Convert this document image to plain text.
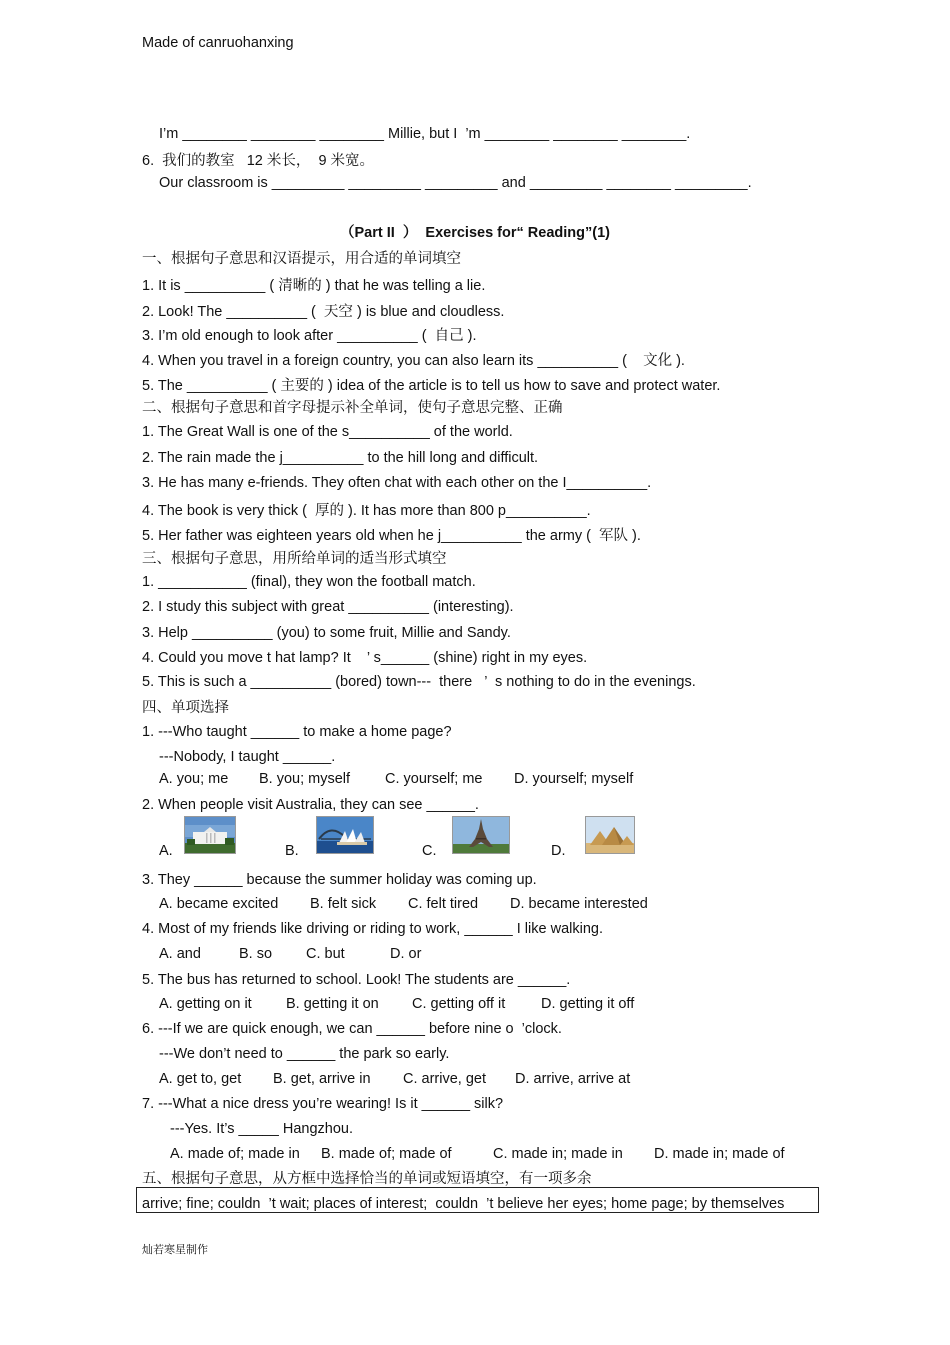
Made of canruohanxing
I’m ________ ________ ________ Millie, but I  ’m ________ ________ ________.
6.  我们的教室   12 米长，  9 米宽。
Our classroom is _________ _________ _________ and _________ ________ _________.
（Part II  ）  Exercises for“ Reading”(1)
一、根据句子意思和汉语提示，用合适的单词填空
1. It is __________ ( 清晰的 ) that he was telling a lie.
2. Look! The __________ (  天空 ) is blue and cloudless.
3. I’m old enough to look after __________ (  自己 ).
4. When you travel in a foreign country, you can also learn its __________ (    文化 ).
5. The __________ ( 主要的 ) idea of the article is to tell us how to save and protect water.
二、根据句子意思和首字母提示补全单词，使句子意思完整、正确
1. The Great Wall is one of the s__________ of the world.
2. The rain made the j__________ to the hill long and difficult.
3. He has many e-friends. They often chat with each other on the I__________.
4. The book is very thick (  厚的 ). It has more than 800 p__________.
5. Her father was eighteen years old when he j__________ the army (  军队 ).
三、根据句子意思，用所给单词的适当形式填空
1. ___________ (final), they won the football match.
2. I study this subject with great __________ (interesting).
3. Help __________ (you) to some fruit, Millie and Sandy.
4. Could you move t hat lamp? It    ’ s______ (shine) right in my eyes.
5. This is such a __________ (bored) town---  there   ’  s nothing to do in the evenings.
四、单项选择
1. ---Who taught ______ to make a home page?
---Nobody, I taught ______.
A. you; me B. you; myself C. yourself; me D. yourself; myself
2. When people visit Australia, they can see ______.
A.	B.	C.	D.
3. They ______ because the summer holiday was coming up.
A. became excited B. felt sick C. felt tired D. became interested
4. Most of my friends like driving or riding to work, ______ I like walking.
A. and	B. so C. but	D. or
5. The bus has returned to school. Look! The students are ______.
A. getting on it B. getting it on C. getting off it D. getting it off
6. ---If we are quick enough, we can ______ before nine o  ’clock.
---We don’t need to ______ the park so early.
A. get to, get B. get, arrive in C. arrive, get D. arrive, arrive at
7. ---What a nice dress you’re wearing! Is it ______ silk?
---Yes. It’s _____ Hangzhou.
A. made of; made in B. made of; made of	C. made in; made in D. made in; made of
五、根据句子意思，从方框中选择恰当的单词或短语填空，有一项多余
arrive; fine; couldn  ’t wait; places of interest;  couldn  ’t believe her eyes; home page; by themselves
灿若寒星制作
